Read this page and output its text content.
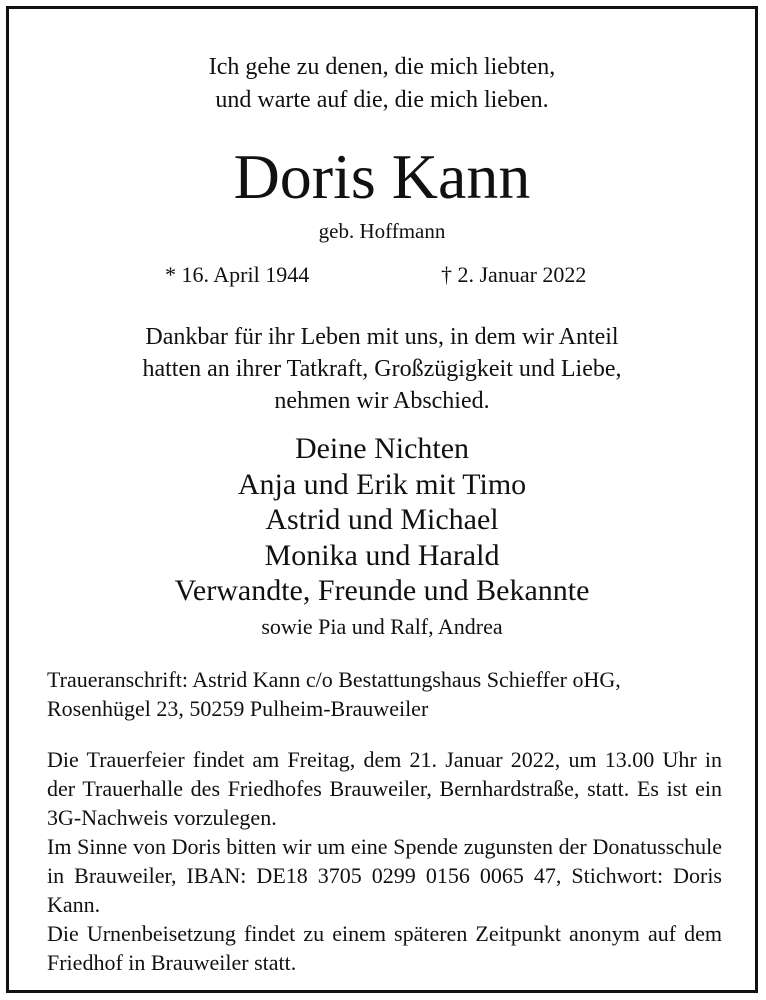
Ich gehe zu denen, die mich liebten,
und warte auf die, die mich lieben.
Doris Kann
geb. Hoffmann
* 16. April 1944	† 2. Januar 2022
Dankbar für ihr Leben mit uns, in dem wir Anteil
hatten an ihrer Tatkraft, Großzügigkeit und Liebe,
nehmen wir Abschied.
Deine Nichten
Anja und Erik mit Timo
Astrid und Michael
Monika und Harald
Verwandte, Freunde und Bekannte
sowie Pia und Ralf, Andrea
Traueranschrift: Astrid Kann c/o Bestattungshaus Schieffer oHG,
Rosenhügel 23, 50259 Pulheim-Brauweiler
Die Trauerfeier findet am Freitag, dem 21. Januar 2022, um 13.00 Uhr in der Trauerhalle des Friedhofes Brauweiler, Bernhardstraße, statt. Es ist ein 3G-Nachweis vorzulegen.
Im Sinne von Doris bitten wir um eine Spende zugunsten der Donatusschule in Brauweiler, IBAN: DE18 3705 0299 0156 0065 47, Stichwort: Doris Kann.
Die Urnenbeisetzung findet zu einem späteren Zeitpunkt anonym auf dem Friedhof in Brauweiler statt.
